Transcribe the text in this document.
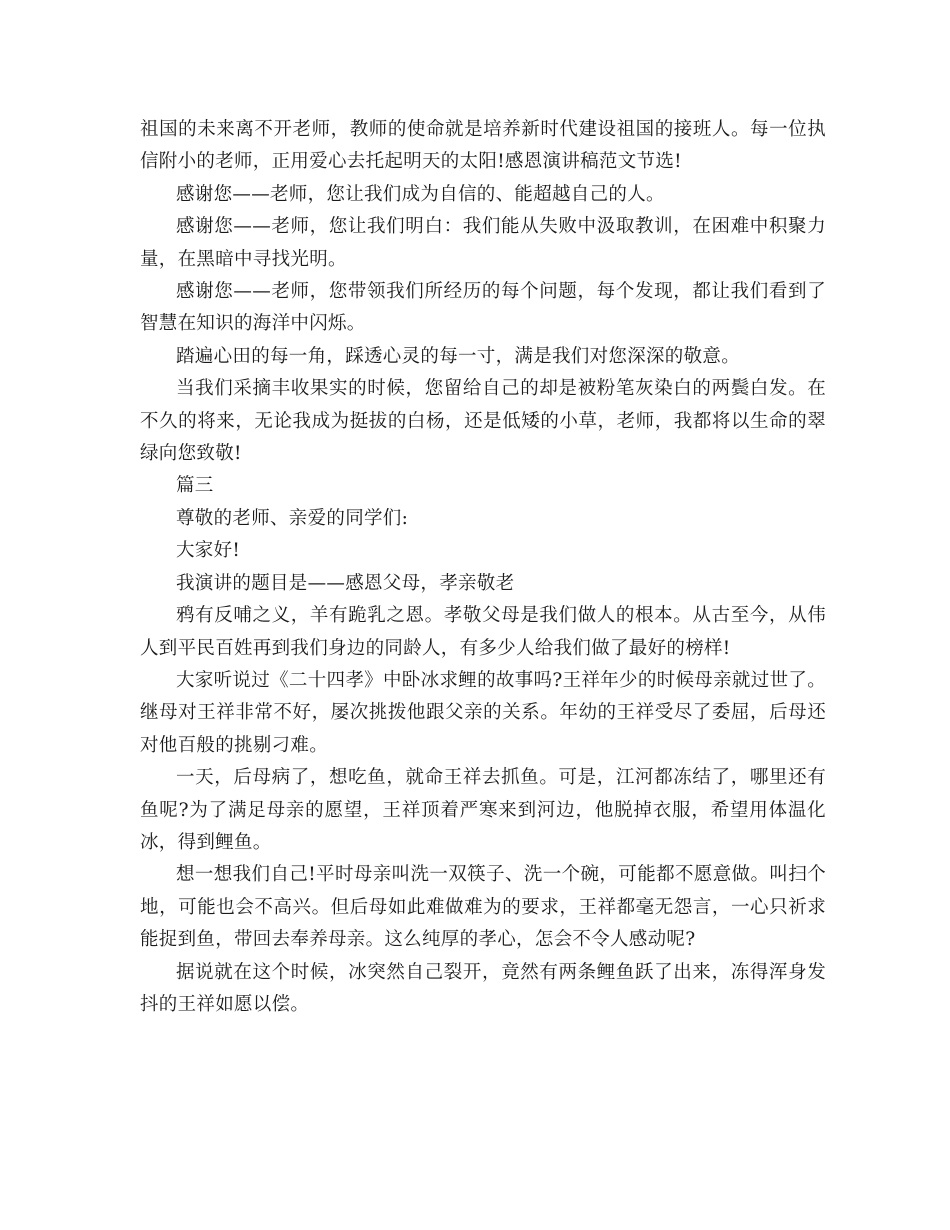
祖国的未来离不开老师，教师的使命就是培养新时代建设祖国的接班人。每一位执信附小的老师，正用爱心去托起明天的太阳!感恩演讲稿范文节选!

感谢您——老师，您让我们成为自信的、能超越自己的人。

感谢您——老师，您让我们明白：我们能从失败中汲取教训，在困难中积聚力量，在黑暗中寻找光明。

感谢您——老师，您带领我们所经历的每个问题，每个发现，都让我们看到了智慧在知识的海洋中闪烁。

踏遍心田的每一角，踩透心灵的每一寸，满是我们对您深深的敬意。

当我们采摘丰收果实的时候，您留给自己的却是被粉笔灰染白的两鬓白发。在不久的将来，无论我成为挺拔的白杨，还是低矮的小草，老师，我都将以生命的翠绿向您致敬!

篇三

尊敬的老师、亲爱的同学们:

大家好!

我演讲的题目是——感恩父母，孝亲敬老

鸦有反哺之义，羊有跪乳之恩。孝敬父母是我们做人的根本。从古至今，从伟人到平民百姓再到我们身边的同龄人，有多少人给我们做了最好的榜样!

大家听说过《二十四孝》中卧冰求鲤的故事吗?王祥年少的时候母亲就过世了。继母对王祥非常不好，屡次挑拨他跟父亲的关系。年幼的王祥受尽了委屈，后母还对他百般的挑剔刁难。

一天，后母病了，想吃鱼，就命王祥去抓鱼。可是，江河都冻结了，哪里还有鱼呢?为了满足母亲的愿望，王祥顶着严寒来到河边，他脱掉衣服，希望用体温化冰，得到鲤鱼。

想一想我们自己!平时母亲叫洗一双筷子、洗一个碗，可能都不愿意做。叫扫个地，可能也会不高兴。但后母如此难做难为的要求，王祥都毫无怨言，一心只祈求能捉到鱼，带回去奉养母亲。这么纯厚的孝心，怎会不令人感动呢?

据说就在这个时候，冰突然自己裂开，竟然有两条鲤鱼跃了出来，冻得浑身发抖的王祥如愿以偿。
